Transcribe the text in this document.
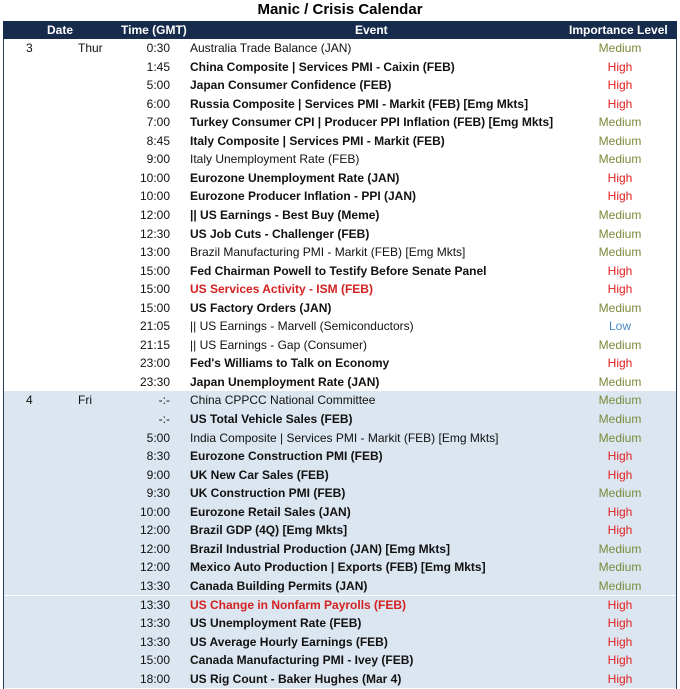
Manic / Crisis Calendar
Date	Time (GMT)	Event	Importance Level
3	Thur	0:30 Australia Trade Balance (JAN)	Medium
1:45 China Composite | Services PMI - Caixin (FEB)	High
5:00 Japan Consumer Confidence (FEB)	High
6:00 Russia Composite | Services PMI - Markit (FEB) [Emg Mkts]	High
7:00 Turkey Consumer CPI | Producer PPI Inflation (FEB) [Emg Mkts]	Medium
8:45 Italy Composite | Services PMI - Markit (FEB)	Medium
9:00 Italy Unemployment Rate (FEB)	Medium
10:00 Eurozone Unemployment Rate (JAN)	High
10:00 Eurozone Producer Inflation - PPI (JAN)	High
12:00 || US Earnings - Best Buy (Meme)	Medium
12:30 US Job Cuts - Challenger (FEB)	Medium
13:00 Brazil Manufacturing PMI - Markit (FEB) [Emg Mkts]	Medium
15:00 Fed Chairman Powell to Testify Before Senate Panel	High
15:00 US Services Activity - ISM (FEB)	High
15:00 US Factory Orders (JAN)	Medium
21:05 || US Earnings - Marvell (Semiconductors)	Low
21:15 || US Earnings - Gap (Consumer)	Medium
23:00 Fed's Williams to Talk on Economy	High
23:30 Japan Unemployment Rate (JAN)	Medium
4	Fri	-:- China CPPCC National Committee	Medium
-:- US Total Vehicle Sales (FEB)	Medium
5:00 India Composite | Services PMI - Markit (FEB) [Emg Mkts]	Medium
8:30 Eurozone Construction PMI (FEB)	High
9:00 UK New Car Sales (FEB)	High
9:30 UK Construction PMI (FEB)	Medium
10:00 Eurozone Retail Sales (JAN)	High
12:00 Brazil GDP (4Q) [Emg Mkts]	High
12:00 Brazil Industrial Production (JAN) [Emg Mkts]	Medium
12:00 Mexico Auto Production | Exports (FEB) [Emg Mkts]	Medium
13:30 Canada Building Permits (JAN)	Medium
13:30 US Change in Nonfarm Payrolls (FEB)	High
13:30 US Unemployment Rate (FEB)	High
13:30 US Average Hourly Earnings (FEB)	High
15:00 Canada Manufacturing PMI - Ivey (FEB)	High
18:00 US Rig Count - Baker Hughes (Mar 4)	High
